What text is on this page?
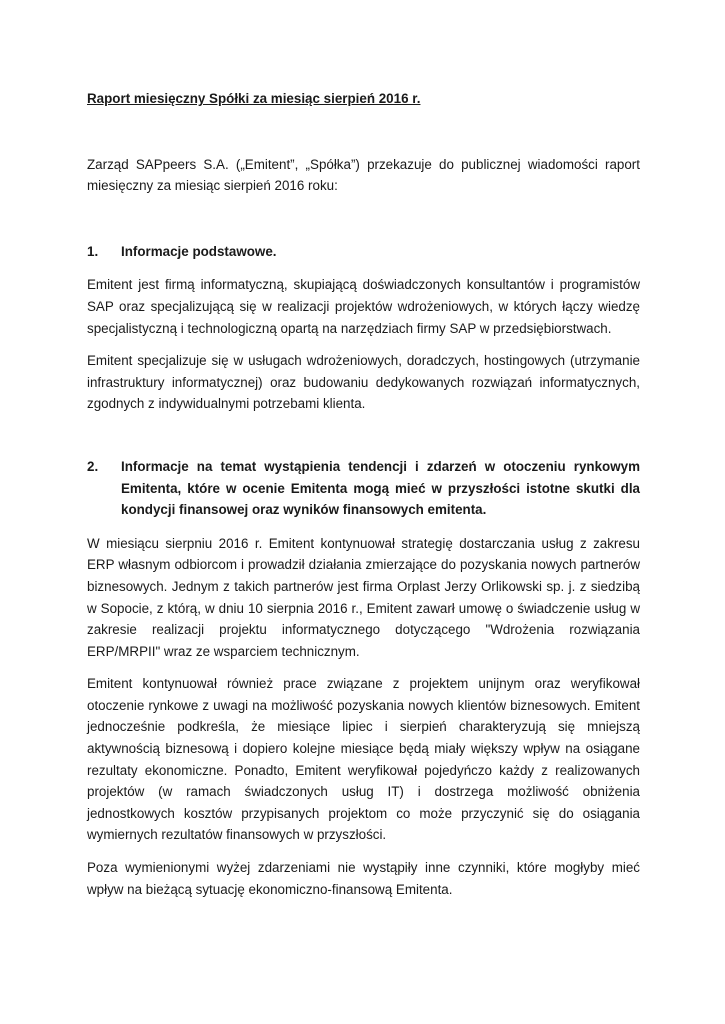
Raport miesięczny Spółki za miesiąc sierpień 2016 r.

Zarząd SAPpeers S.A. („Emitent”, „Spółka”) przekazuje do publicznej wiadomości raport miesięczny za miesiąc sierpień 2016 roku:

1.	Informacje podstawowe.

Emitent jest firmą informatyczną, skupiającą doświadczonych konsultantów i programistów SAP oraz specjalizującą się w realizacji projektów wdrożeniowych, w których łączy wiedzę specjalistyczną i technologiczną opartą na narzędziach firmy SAP w przedsiębiorstwach.

Emitent specjalizuje się w usługach wdrożeniowych, doradczych, hostingowych (utrzymanie infrastruktury informatycznej) oraz budowaniu dedykowanych rozwiązań informatycznych, zgodnych z indywidualnymi potrzebami klienta.

2.	Informacje na temat wystąpienia tendencji i zdarzeń w otoczeniu rynkowym Emitenta, które w ocenie Emitenta mogą mieć w przyszłości istotne skutki dla kondycji finansowej oraz wyników finansowych emitenta.

W miesiącu sierpniu 2016 r. Emitent kontynuował strategię dostarczania usług z zakresu ERP własnym odbiorcom i prowadził działania zmierzające do pozyskania nowych partnerów biznesowych. Jednym z takich partnerów jest firma Orplast Jerzy Orlikowski sp. j. z siedzibą w Sopocie, z którą, w dniu 10 sierpnia 2016 r., Emitent zawarł umowę o świadczenie usług w zakresie realizacji projektu informatycznego dotyczącego "Wdrożenia rozwiązania ERP/MRPII" wraz ze wsparciem technicznym.

Emitent kontynuował również prace związane z projektem unijnym oraz weryfikował otoczenie rynkowe z uwagi na możliwość pozyskania nowych klientów biznesowych. Emitent jednocześnie podkreśla, że miesiące lipiec i sierpień charakteryzują się mniejszą aktywnością biznesową i dopiero kolejne miesiące będą miały większy wpływ na osiągane rezultaty ekonomiczne. Ponadto, Emitent weryfikował pojedyńczo każdy z realizowanych projektów (w ramach świadczonych usług IT) i dostrzega możliwość obniżenia jednostkowych kosztów przypisanych projektom co może przyczynić się do osiągania wymiernych rezultatów finansowych w przyszłości.

Poza wymienionymi wyżej zdarzeniami nie wystąpiły inne czynniki, które mogłyby mieć wpływ na bieżącą sytuację ekonomiczno-finansową Emitenta.
